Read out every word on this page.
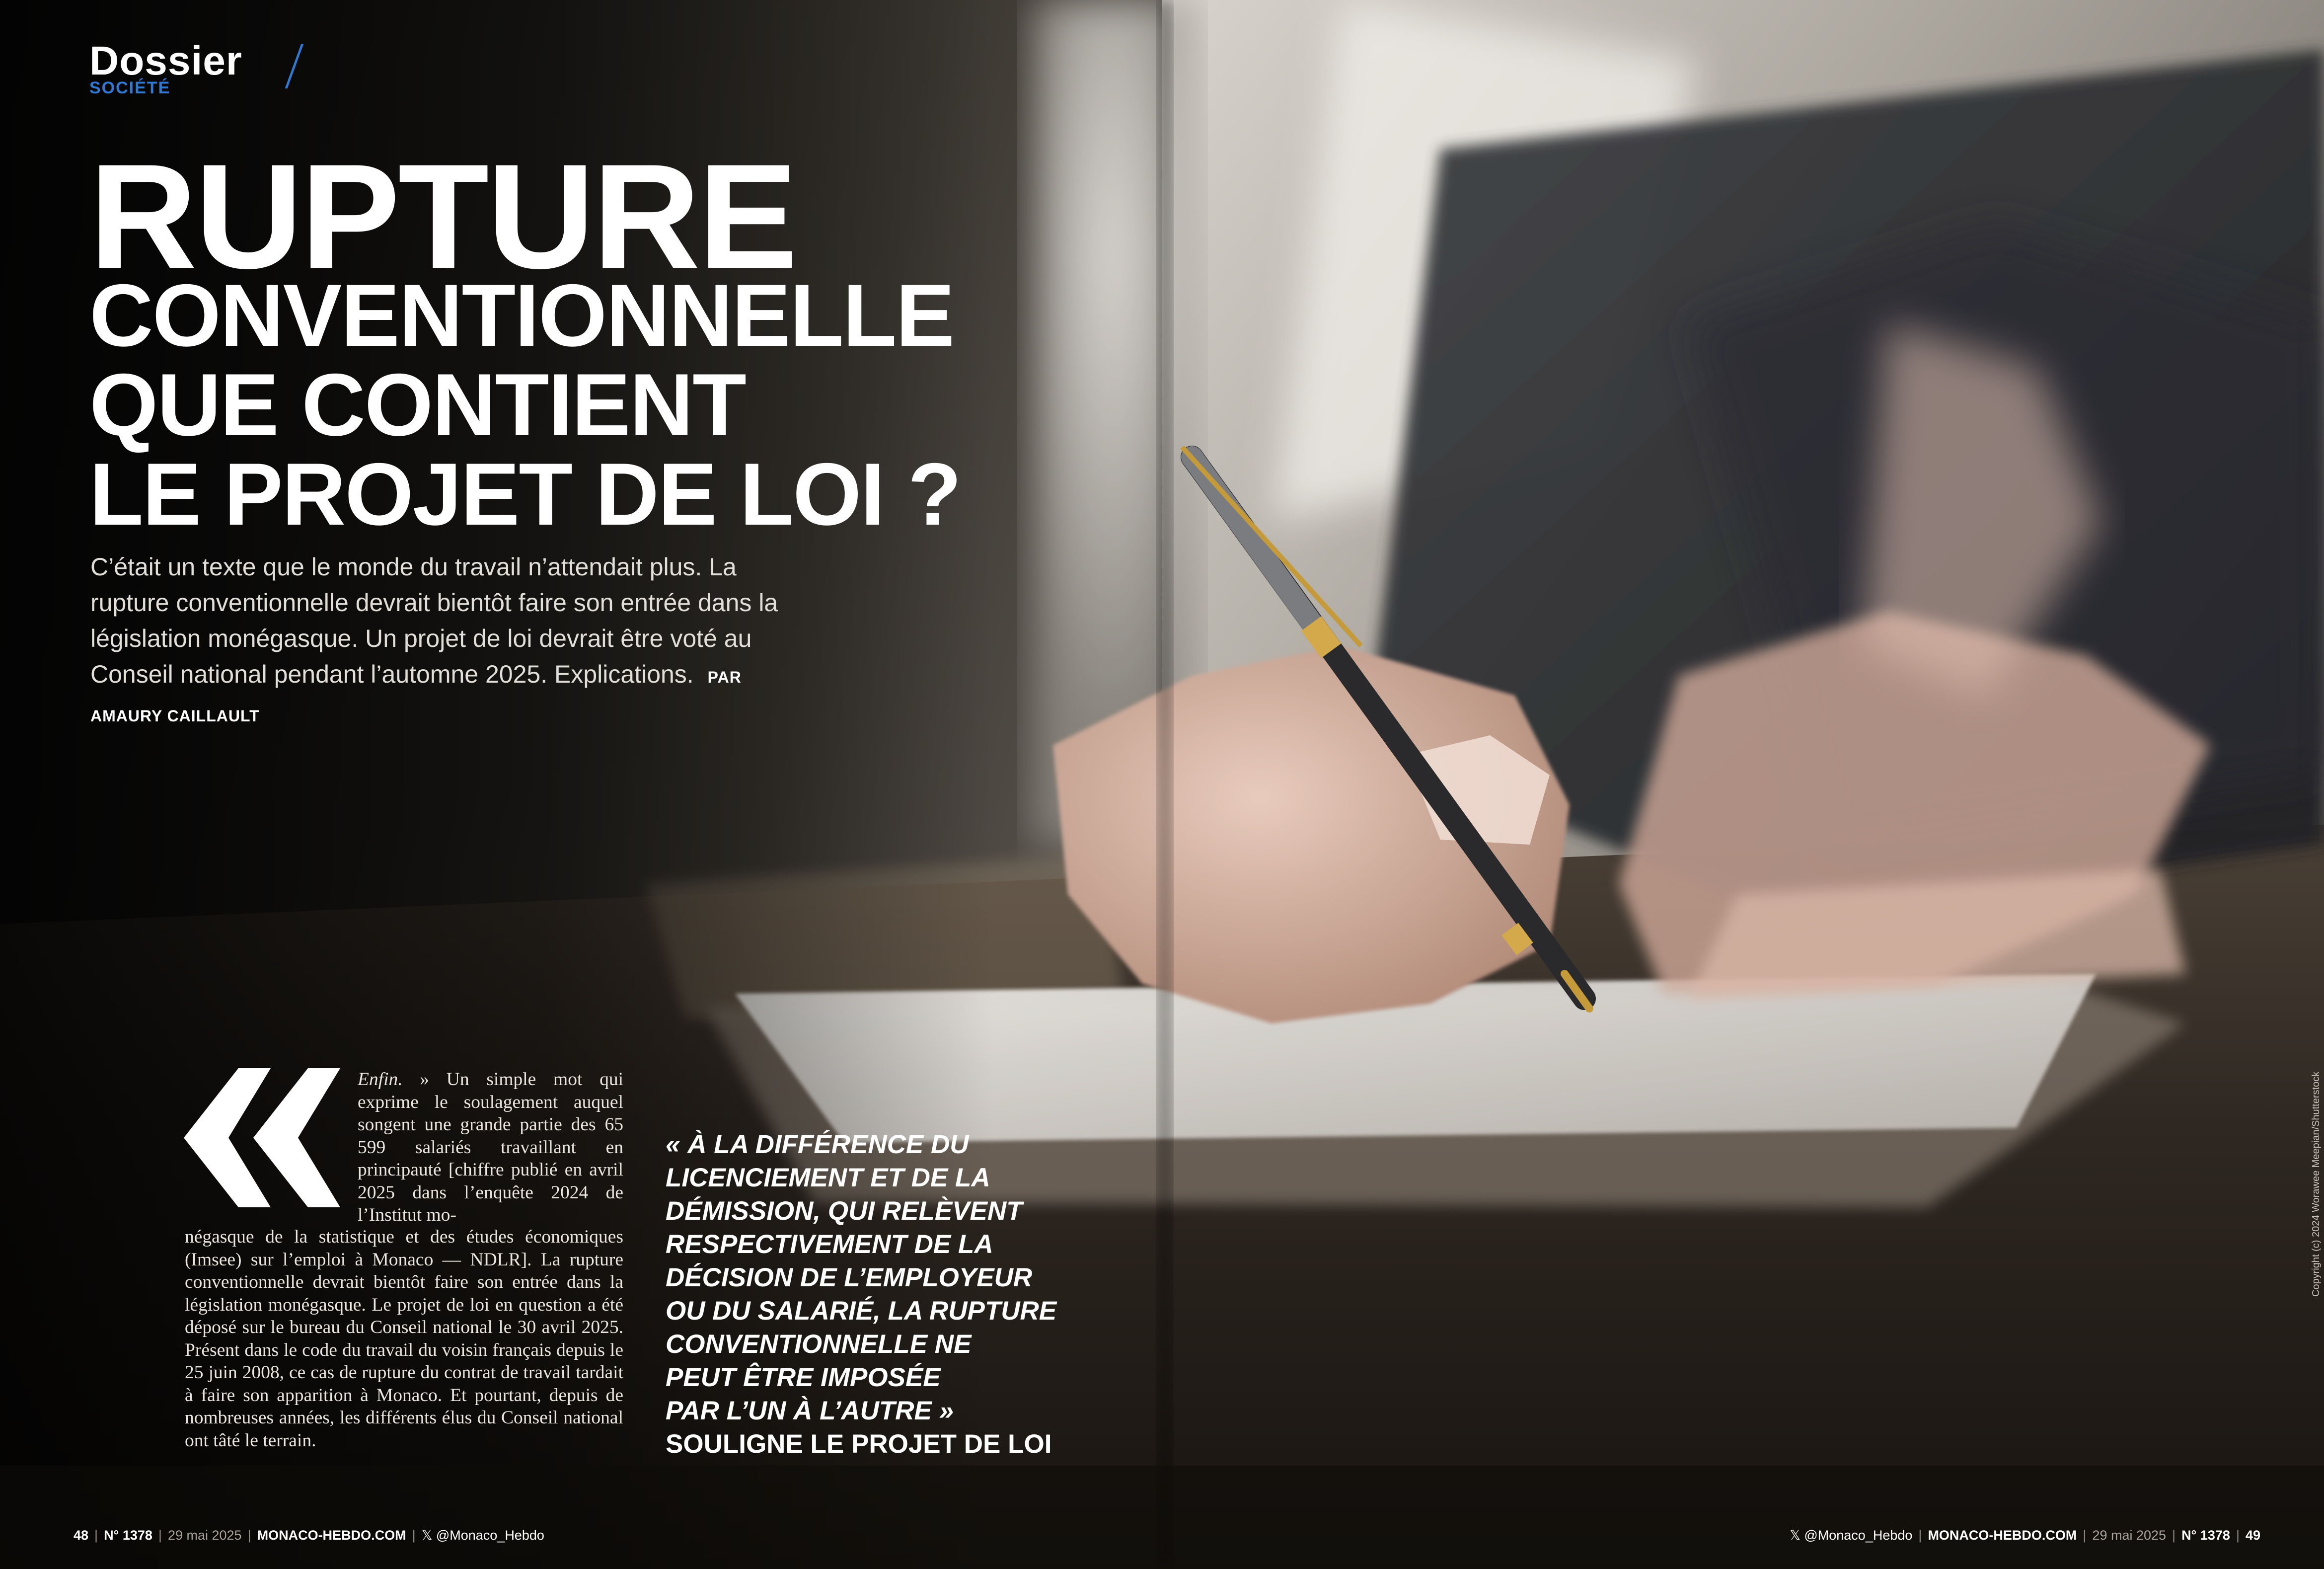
Dossier
SOCIÉTÉ
RUPTURE
CONVENTIONNELLE
QUE CONTIENT
LE PROJET DE LOI ?

C’était un texte que le monde du travail n’attendait plus. La rupture conventionnelle devrait bientôt faire son entrée dans la législation monégasque. Un projet de loi devrait être voté au Conseil national pendant l’automne 2025. Explications. PAR AMAURY CAILLAULT

Enfin. » Un simple mot qui exprime le soulagement auquel songent une grande partie des 65 599 salariés travaillant en principauté [chiffre publié en avril 2025 dans l’enquête 2024 de l’Institut mo-

négasque de la statistique et des études économiques (Imsee) sur l’emploi à Monaco — NDLR]. La rupture conventionnelle devrait bientôt faire son entrée dans la législation monégasque. Le projet de loi en question a été déposé sur le bureau du Conseil national le 30 avril 2025. Présent dans le code du travail du voisin français depuis le 25 juin 2008, ce cas de rupture du contrat de travail tardait à faire son apparition à Monaco. Et pourtant, depuis de nombreuses années, les différents élus du Conseil national ont tâté le terrain.

« À LA DIFFÉRENCE DU
LICENCIEMENT ET DE LA
DÉMISSION, QUI RELÈVENT
RESPECTIVEMENT DE LA
DÉCISION DE L’EMPLOYEUR
OU DU SALARIÉ, LA RUPTURE
CONVENTIONNELLE NE
PEUT ÊTRE IMPOSÉE
PAR L’UN À L’AUTRE »
SOULIGNE LE PROJET DE LOI
48 | N° 1378 | 29 mai 2025 | MONACO-HEBDO.COM | 𝕏 @Monaco_Hebdo	𝕏 @Monaco_Hebdo | MONACO-HEBDO.COM | 29 mai 2025 | N° 1378 | 49
Copyright (c) 2024 Worawee Meepian/Shutterstock
